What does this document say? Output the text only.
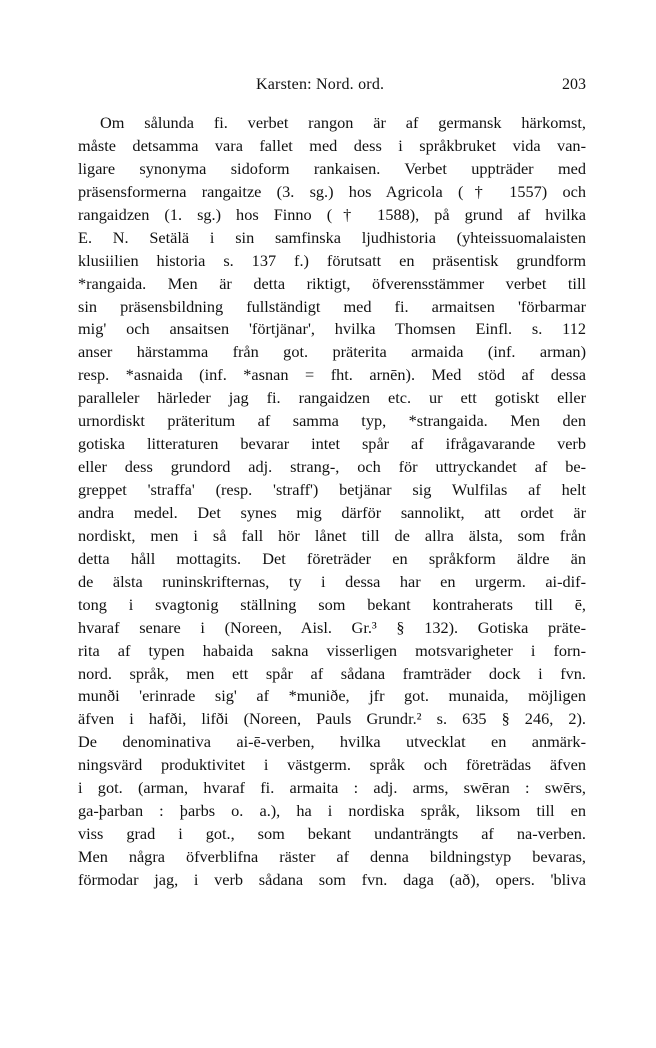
Karsten: Nord. ord.	203
Om sålunda fi. verbet rangon är af germansk härkomst,
måste detsamma vara fallet med dess i språkbruket vida van-
ligare synonyma sidoform rankaisen. Verbet uppträder med
präsensformerna rangaitze (3. sg.) hos Agricola († 1557) och
rangaidzen (1. sg.) hos Finno († 1588), på grund af hvilka
E. N. Setälä i sin samfinska ljudhistoria (yhteissuomalaisten
klusiilien historia s. 137 f.) förutsatt en präsentisk grundform
*rangaida. Men är detta riktigt, öfverensstämmer verbet till
sin präsensbildning fullständigt med fi. armaitsen 'förbarmar
mig' och ansaitsen 'förtjänar', hvilka Thomsen Einfl. s. 112
anser härstamma från got. präterita armaida (inf. arman)
resp. *asnaida (inf. *asnan = fht. arnēn). Med stöd af dessa
paralleler härleder jag fi. rangaidzen etc. ur ett gotiskt eller
urnordiskt präteritum af samma typ, *strangaida. Men den
gotiska litteraturen bevarar intet spår af ifrågavarande verb
eller dess grundord adj. strang-, och för uttryckandet af be-
greppet 'straffa' (resp. 'straff') betjänar sig Wulfilas af helt
andra medel. Det synes mig därför sannolikt, att ordet är
nordiskt, men i så fall hör lånet till de allra älsta, som från
detta håll mottagits. Det företräder en språkform äldre än
de älsta runinskrifternas, ty i dessa har en urgerm. ai-dif-
tong i svagtonig ställning som bekant kontraherats till ē,
hvaraf senare i (Noreen, Aisl. Gr.³ § 132). Gotiska präte-
rita af typen habaida sakna visserligen motsvarigheter i forn-
nord. språk, men ett spår af sådana framträder dock i fvn.
munði 'erinrade sig' af *muniðe, jfr got. munaida, möjligen
äfven i hafði, lifði (Noreen, Pauls Grundr.² s. 635 § 246, 2).
De denominativa ai-ē-verben, hvilka utvecklat en anmärk-
ningsvärd produktivitet i västgerm. språk och företrädas äfven
i got. (arman, hvaraf fi. armaita : adj. arms, swēran : swērs,
ga-þarban : þarbs o. a.), ha i nordiska språk, liksom till en
viss grad i got., som bekant undanträngts af na-verben.
Men några öfverblifna räster af denna bildningstyp bevaras,
förmodar jag, i verb sådana som fvn. daga (að), opers. 'bliva
